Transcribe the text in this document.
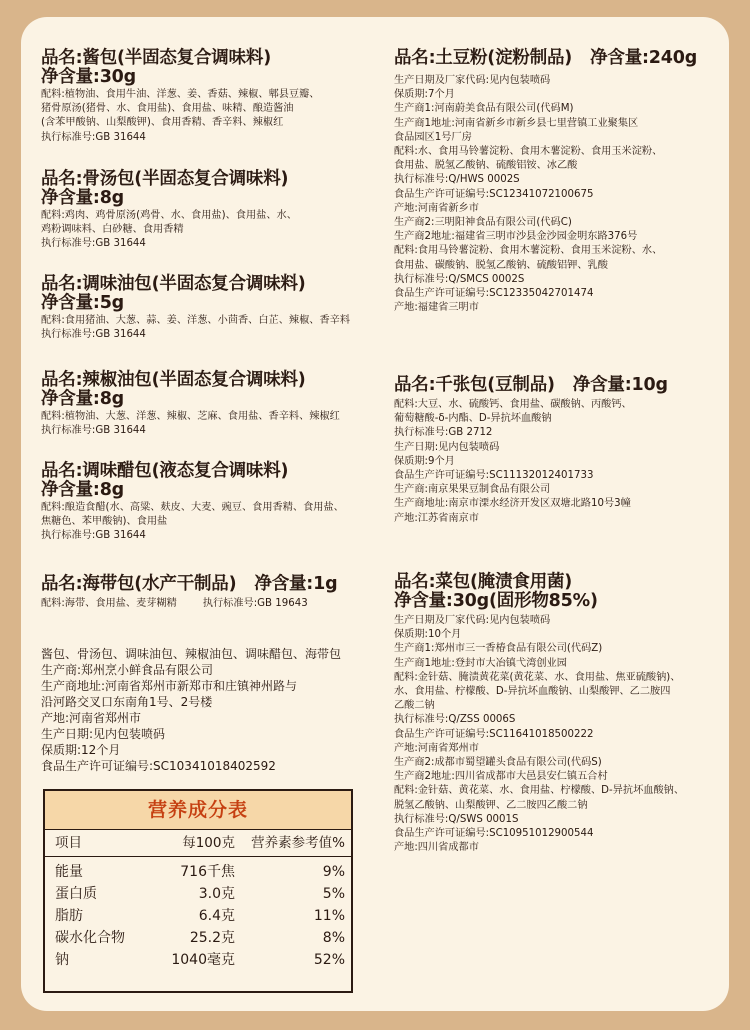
品名:酱包(半固态复合调味料)

净含量:30g

配料:植物油、食用牛油、洋葱、姜、香菇、辣椒、郫县豆瓣、
猪骨原汤(猪骨、水、食用盐)、食用盐、味精、酿造酱油
(含苯甲酸钠、山梨酸钾)、食用香精、香辛料、辣椒红
执行标准号:GB 31644

品名:骨汤包(半固态复合调味料)

净含量:8g

配料:鸡肉、鸡骨原汤(鸡骨、水、食用盐)、食用盐、水、
鸡粉调味料、白砂糖、食用香精
执行标准号:GB 31644

品名:调味油包(半固态复合调味料)

净含量:5g

配料:食用猪油、大葱、蒜、姜、洋葱、小茴香、白芷、辣椒、香辛料
执行标准号:GB 31644

品名:辣椒油包(半固态复合调味料)

净含量:8g

配料:植物油、大葱、洋葱、辣椒、芝麻、食用盐、香辛料、辣椒红
执行标准号:GB 31644

品名:调味醋包(液态复合调味料)

净含量:8g

配料:酿造食醋(水、高粱、麸皮、大麦、豌豆、食用香精、食用盐、
焦糖色、苯甲酸钠)、食用盐
执行标准号:GB 31644

品名:海带包(水产干制品) 净含量:1g

配料:海带、食用盐、麦芽糊精        执行标准号:GB 19643
酱包、骨汤包、调味油包、辣椒油包、调味醋包、海带包
生产商:郑州烹小鲜食品有限公司
生产商地址:河南省郑州市新郑市和庄镇神州路与
沿河路交叉口东南角1号、2号楼
产地:河南省郑州市
生产日期:见内包装喷码
保质期:12个月
食品生产许可证编号:SC10341018402592
营养成分表
项目	每100克	营养素参考值%
能量	716千焦	9%
蛋白质	3.0克	5%
脂肪	6.4克	11%
碳水化合物	25.2克	8%
钠	1040毫克	52%

品名:土豆粉(淀粉制品) 净含量:240g

生产日期及厂家代码:见内包装喷码
保质期:7个月
生产商1:河南蔚美食品有限公司(代码M)
生产商1地址:河南省新乡市新乡县七里营镇工业聚集区
食品园区1号厂房
配料:水、食用马铃薯淀粉、食用木薯淀粉、食用玉米淀粉、
食用盐、脱氢乙酸钠、硫酸铝铵、冰乙酸
执行标准号:Q/HWS 0002S
食品生产许可证编号:SC12341072100675
产地:河南省新乡市
生产商2:三明阳神食品有限公司(代码C)
生产商2地址:福建省三明市沙县金沙园金明东路376号
配料:食用马铃薯淀粉、食用木薯淀粉、食用玉米淀粉、水、
食用盐、碳酸钠、脱氢乙酸钠、硫酸铝钾、乳酸
执行标准号:Q/SMCS 0002S
食品生产许可证编号:SC12335042701474
产地:福建省三明市

品名:千张包(豆制品) 净含量:10g

配料:大豆、水、硫酸钙、食用盐、碳酸钠、丙酸钙、
葡萄糖酸-δ-内酯、D-异抗坏血酸钠
执行标准号:GB 2712
生产日期:见内包装喷码
保质期:9个月
食品生产许可证编号:SC11132012401733
生产商:南京果果豆制食品有限公司
生产商地址:南京市溧水经济开发区双塘北路10号3幢
产地:江苏省南京市

品名:菜包(腌渍食用菌)

净含量:30g(固形物85%)

生产日期及厂家代码:见内包装喷码
保质期:10个月
生产商1:郑州市三一香椿食品有限公司(代码Z)
生产商1地址:登封市大冶镇弋湾创业园
配料:金针菇、腌渍黄花菜(黄花菜、水、食用盐、焦亚硫酸钠)、
水、食用盐、柠檬酸、D-异抗坏血酸钠、山梨酸钾、乙二胺四
乙酸二钠
执行标准号:Q/ZSS 0006S
食品生产许可证编号:SC11641018500222
产地:河南省郑州市
生产商2:成都市蜀望罐头食品有限公司(代码S)
生产商2地址:四川省成都市大邑县安仁镇五合村
配料:金针菇、黄花菜、水、食用盐、柠檬酸、D-异抗坏血酸钠、
脱氢乙酸钠、山梨酸钾、乙二胺四乙酸二钠
执行标准号:Q/SWS 0001S
食品生产许可证编号:SC10951012900544
产地:四川省成都市
